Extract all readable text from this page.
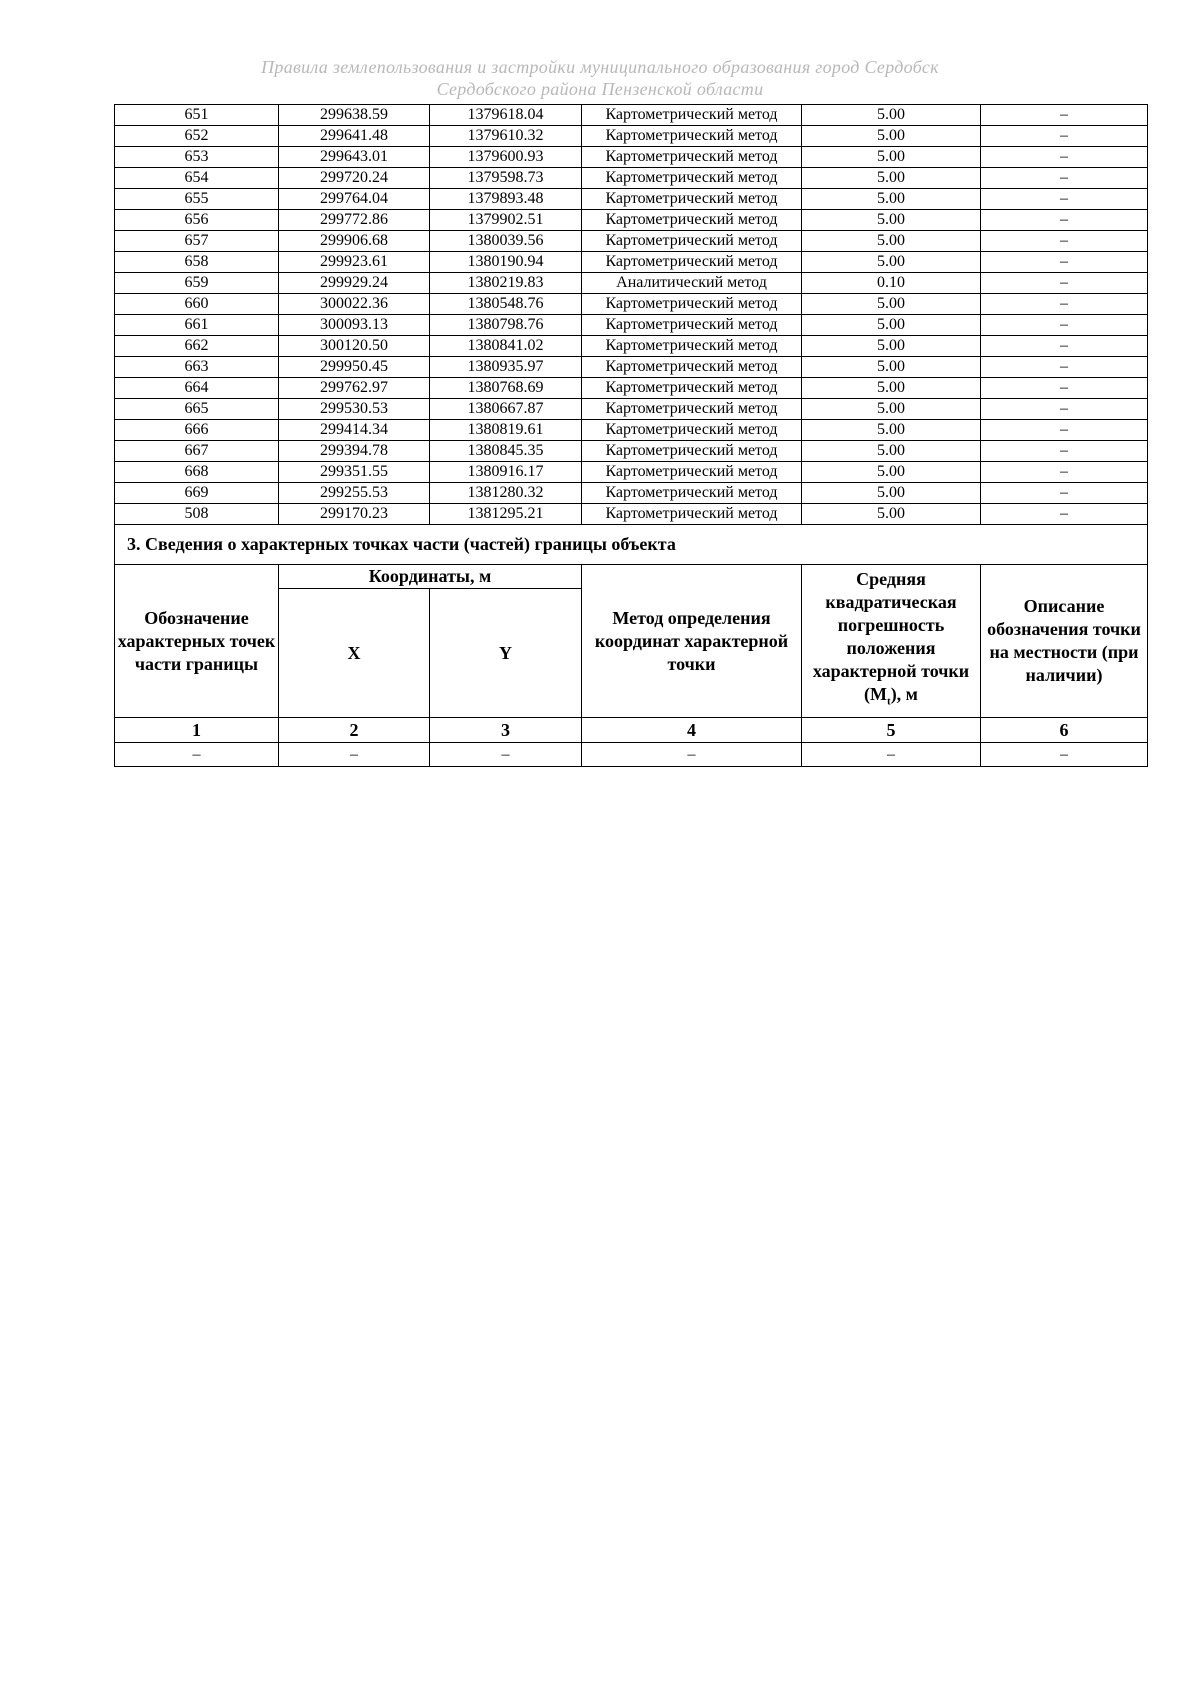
Правила землепользования и застройки муниципального образования город Сердобск
Сердобского района Пензенской области
651	299638.59	1379618.04	Картометрический метод	5.00	–
652	299641.48	1379610.32	Картометрический метод	5.00	–
653	299643.01	1379600.93	Картометрический метод	5.00	–
654	299720.24	1379598.73	Картометрический метод	5.00	–
655	299764.04	1379893.48	Картометрический метод	5.00	–
656	299772.86	1379902.51	Картометрический метод	5.00	–
657	299906.68	1380039.56	Картометрический метод	5.00	–
658	299923.61	1380190.94	Картометрический метод	5.00	–
659	299929.24	1380219.83	Аналитический метод	0.10	–
660	300022.36	1380548.76	Картометрический метод	5.00	–
661	300093.13	1380798.76	Картометрический метод	5.00	–
662	300120.50	1380841.02	Картометрический метод	5.00	–
663	299950.45	1380935.97	Картометрический метод	5.00	–
664	299762.97	1380768.69	Картометрический метод	5.00	–
665	299530.53	1380667.87	Картометрический метод	5.00	–
666	299414.34	1380819.61	Картометрический метод	5.00	–
667	299394.78	1380845.35	Картометрический метод	5.00	–
668	299351.55	1380916.17	Картометрический метод	5.00	–
669	299255.53	1381280.32	Картометрический метод	5.00	–
508	299170.23	1381295.21	Картометрический метод	5.00	–
3. Сведения о характерных точках части (частей) границы объекта					
Обозначение характерных точек части границы	Координаты, м		Метод определения координат характерной точки	Средняя квадратическая погрешность положения характерной точки $(M_t)$, м	Описание обозначения точки на местности (при наличии)
	X	Y			
1	2	3	4	5	6
–	–	–	–	–	–
